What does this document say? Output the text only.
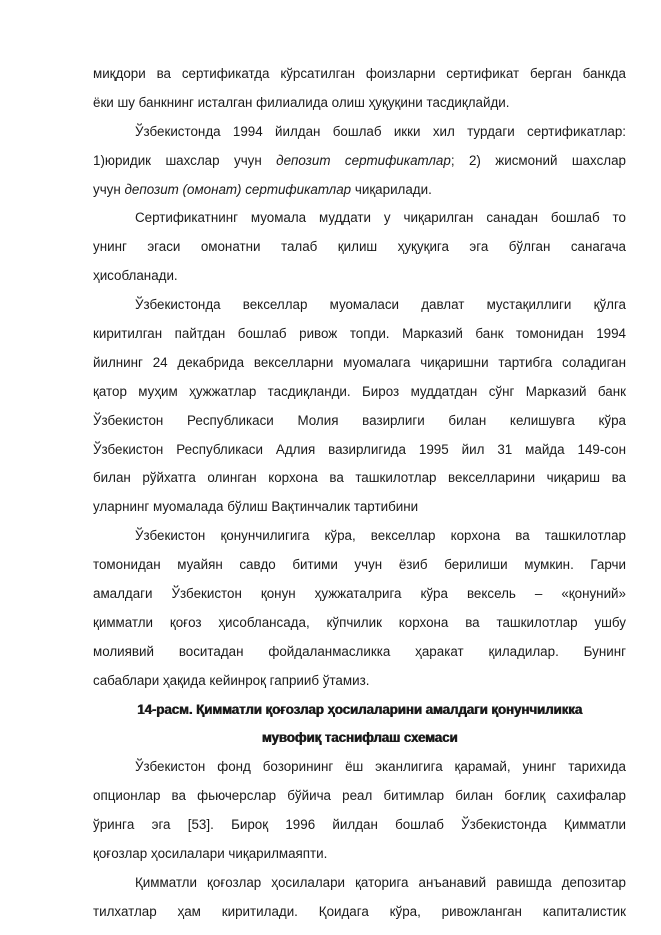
миқдори ва сертификатда кўрсатилган фоизларни сертификат берган банкда
ёки шу банкнинг исталган филиалида олиш ҳуқуқини тасдиқлайди.
Ўзбекистонда 1994 йилдан бошлаб икки хил турдаги сертификатлар:
1)юридик шахслар учун депозит сертификатлар; 2) жисмоний шахслар
учун депозит (омонат) сертификатлар чиқарилади.
Сертификатнинг муомала муддати у чиқарилган санадан бошлаб то
унинг эгаси омонатни талаб қилиш ҳуқуқига эга бўлган санагача
ҳисобланади.
Ўзбекистонда векселлар муомаласи давлат мустақиллиги қўлга
киритилган пайтдан бошлаб ривож топди. Марказий банк томонидан 1994
йилнинг 24 декабрида векселларни муомалага чиқаришни тартибга соладиган
қатор муҳим ҳужжатлар тасдиқланди. Бироз муддатдан сўнг Марказий банк
Ўзбекистон Республикаси Молия вазирлиги билан келишувга кўра
Ўзбекистон Республикаси Адлия вазирлигида 1995 йил 31 майда 149-сон
билан рўйхатга олинган корхона ва ташкилотлар векселларини чиқариш ва
уларнинг муомалада бўлиш Вақтинчалик тартибини
Ўзбекистон қонунчилигига кўра, векселлар корхона ва ташкилотлар
томонидан муайян савдо битими учун ёзиб берилиши мумкин. Гарчи
амалдаги Ўзбекистон қонун ҳужжаталрига кўра вексель – «қонуний»
қимматли қоғоз ҳисоблансада, кўпчилик корхона ва ташкилотлар ушбу
молиявий воситадан фойдаланмасликка ҳаракат қиладилар. Бунинг
сабаблари ҳақида кейинроқ гаприиб ўтамиз.
14-расм. Қимматли қоғозлар ҳосилаларини амалдаги қонунчиликка
мувофиқ таснифлаш схемаси
Ўзбекистон фонд бозорининг ёш эканлигига қарамай, унинг тарихида
опционлар ва фьючерслар бўйича реал битимлар билан боғлиқ сахифалар
ўрингa эга [53]. Бироқ 1996 йилдан бошлаб Ўзбекистонда Қимматли
қоғозлар ҳосилалари чиқарилмаяпти.
Қимматли қоғозлар ҳосилалари қаторига анъанавий равишда депозитар
тилхатлар ҳам киритилади. Қоидага кўра, ривожланган капиталистик
